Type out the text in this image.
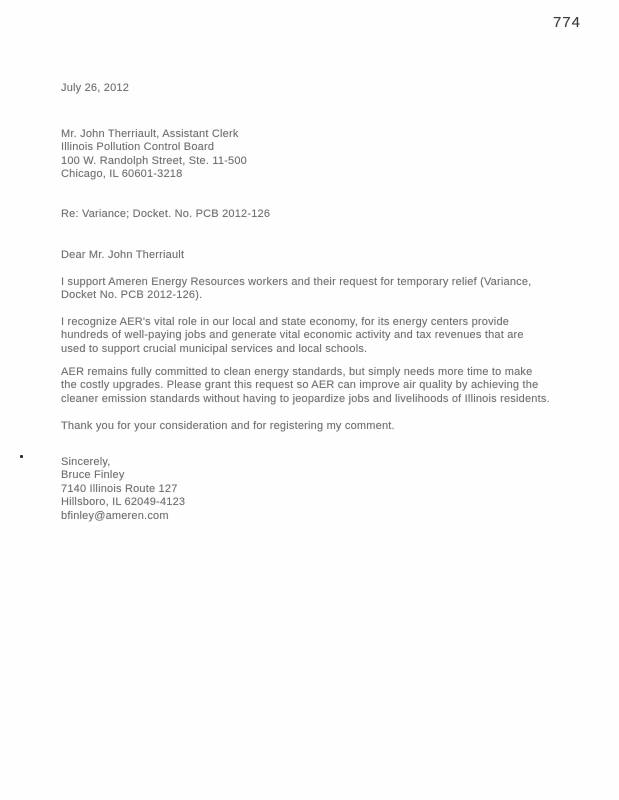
774
July 26, 2012
Mr. John Therriault, Assistant Clerk
Illinois Pollution Control Board
100 W. Randolph Street, Ste. 11-500
Chicago, IL 60601-3218
Re: Variance; Docket. No. PCB 2012-126
Dear Mr. John Therriault
I support Ameren Energy Resources workers and their request for temporary relief (Variance,
Docket No. PCB 2012-126).
I recognize AER's vital role in our local and state economy, for its energy centers provide
hundreds of well-paying jobs and generate vital economic activity and tax revenues that are
used to support crucial municipal services and local schools.
AER remains fully committed to clean energy standards, but simply needs more time to make
the costly upgrades. Please grant this request so AER can improve air quality by achieving the
cleaner emission standards without having to jeopardize jobs and livelihoods of Illinois residents.
Thank you for your consideration and for registering my comment.
Sincerely,
Bruce Finley
7140 Illinois Route 127
Hillsboro, IL 62049-4123
bfinley@ameren.com
